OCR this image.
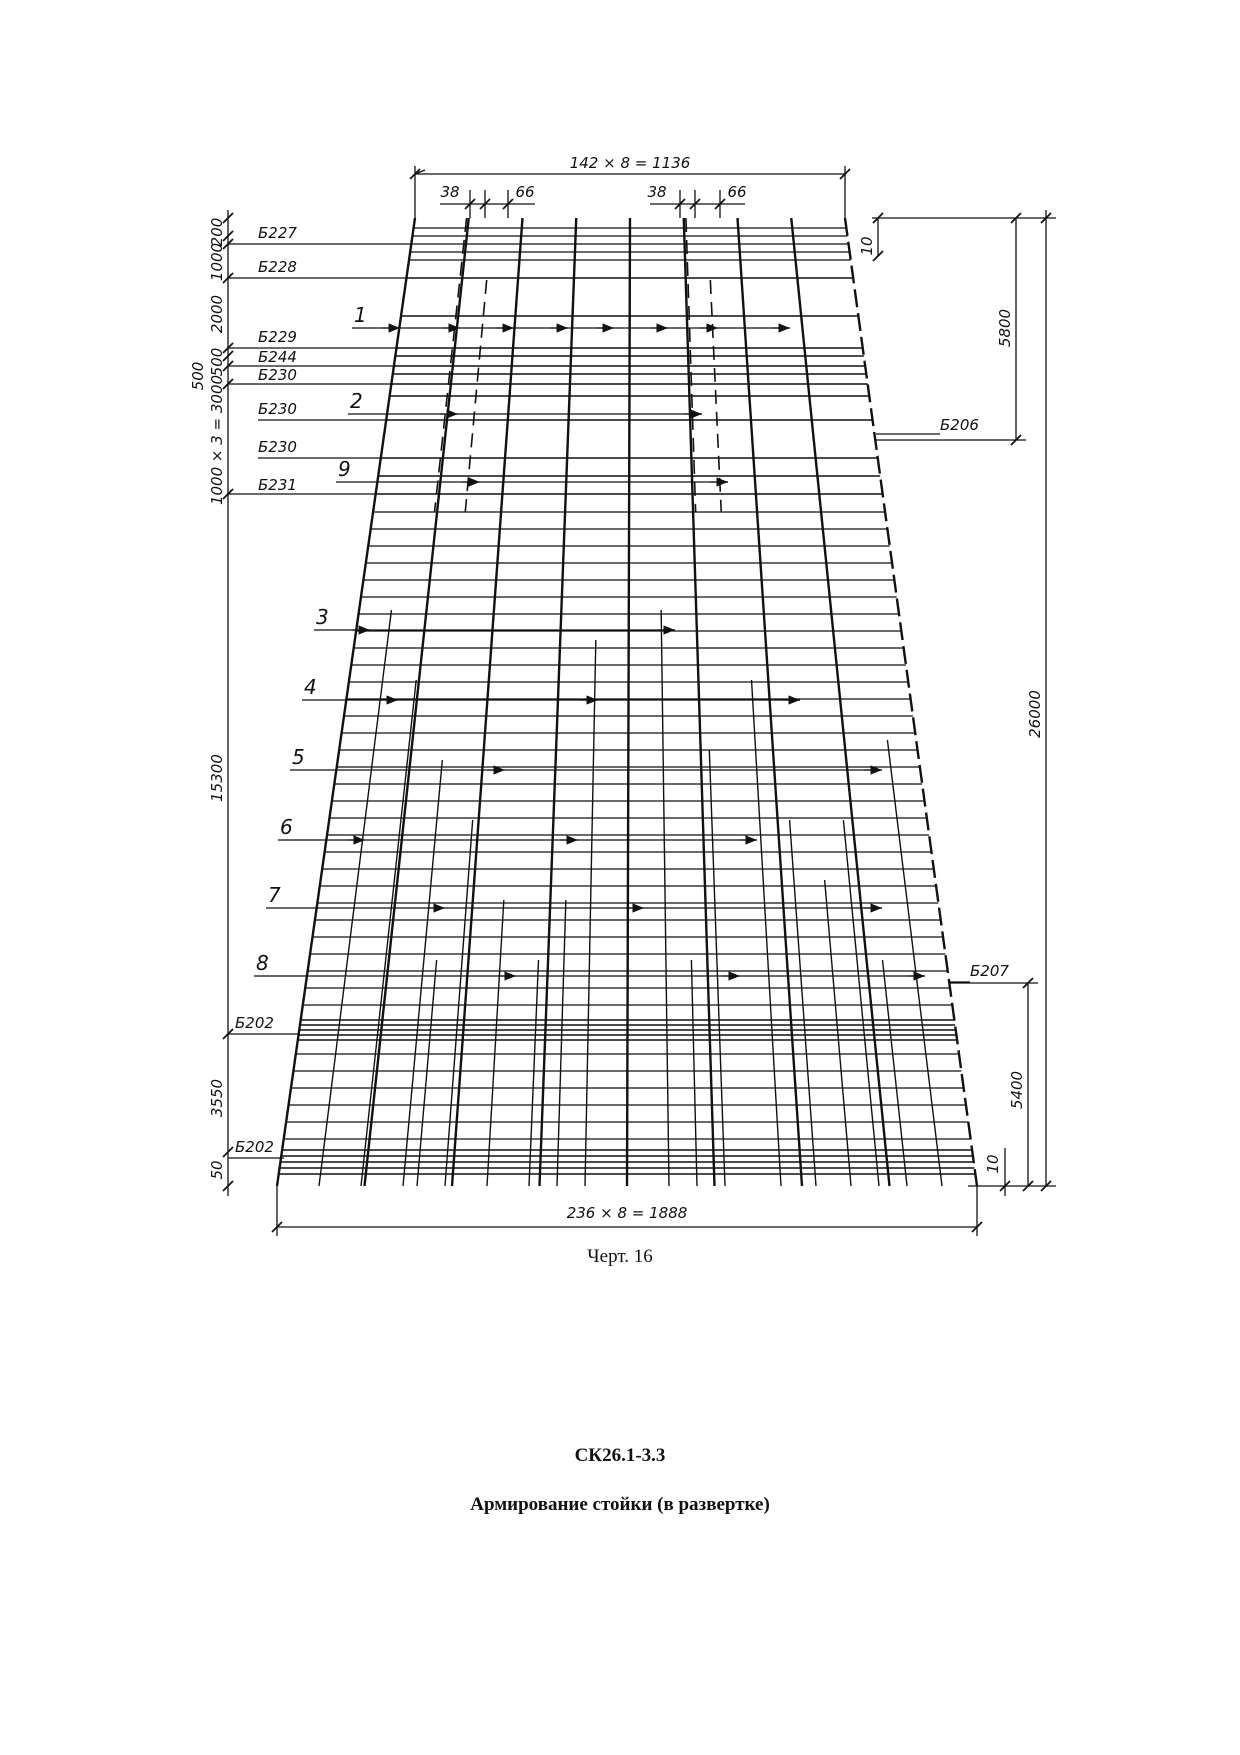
142 × 8 = 1136
38	66	38	66
236 × 8 = 1888
200
1000
2000
500 500
1000 × 3 = 3000
15300
3550
50
10
5800
26000
5400
10
Б227
Б228
Б229
Б244
Б230
Б230
Б230
Б231
Б202
Б202
Б206
Б207
1
2
9
3
4
5
6
7
8
Черт. 16
СК26.1-3.3
Армирование стойки (в развертке)
